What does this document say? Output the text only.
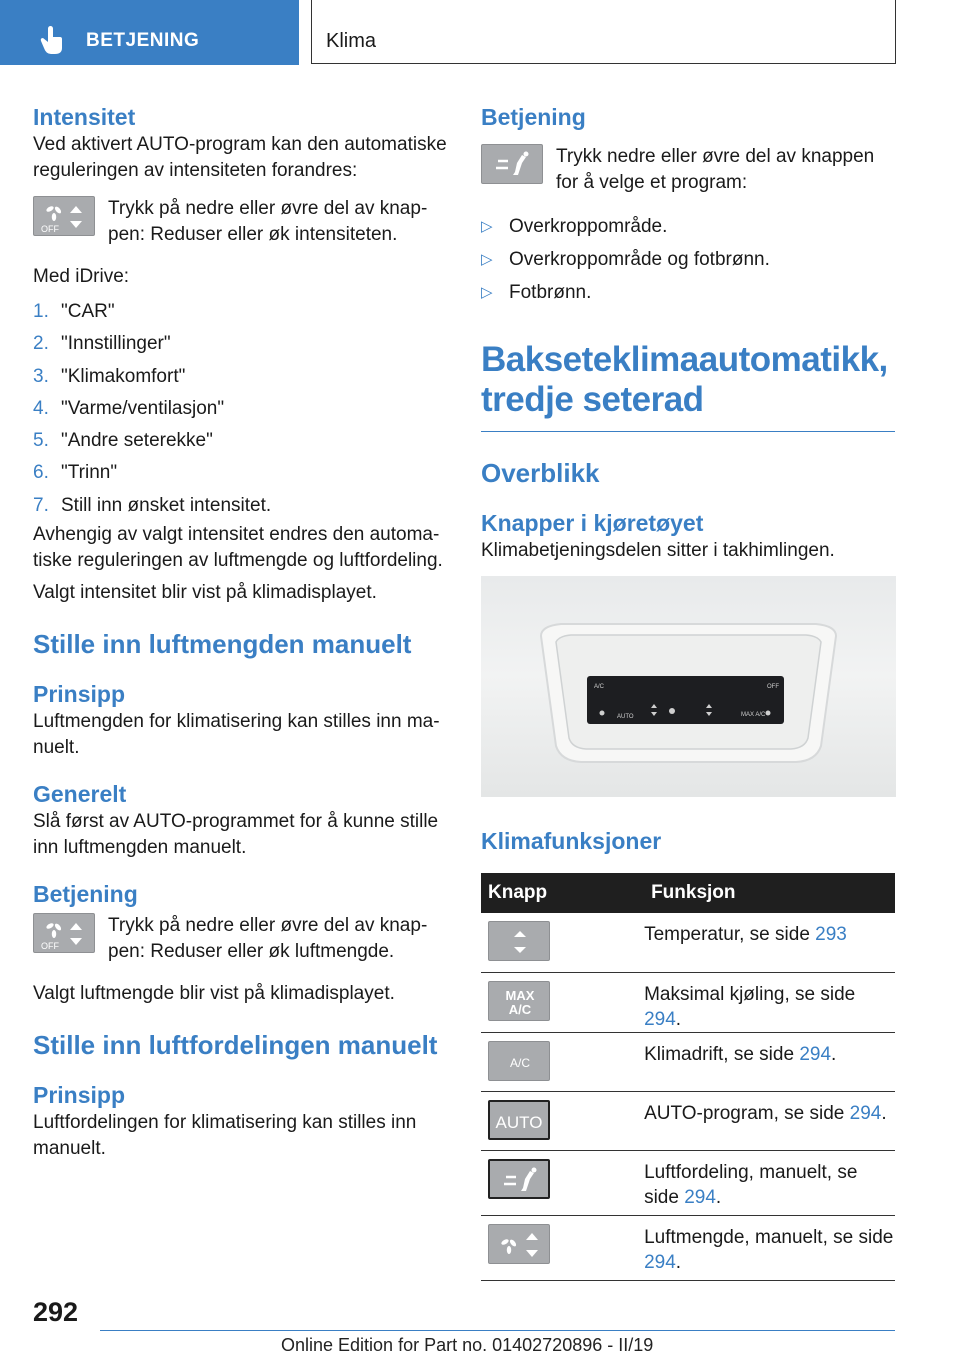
BETJENING	Klima
Intensitet

Ved aktivert AUTO-program kan den automatiske reguleringen av intensiteten forandres:

OFF
Trykk på nedre eller øvre del av knappen: Reduser eller øk intensiteten.

Med iDrive:

1. "CAR"
2. "Innstillinger"
3. "Klimakomfort"
4. "Varme/ventilasjon"
5. "Andre seterekke"
6. "Trinn"
7. Still inn ønsket intensitet.

Avhengig av valgt intensitet endres den automatiske reguleringen av luftmengde og luftfordeling.

Valgt intensitet blir vist på klimadisplayet.

Stille inn luftmengden manuelt
Prinsipp

Luftmengden for klimatisering kan stilles inn manuelt.

Generelt

Slå først av AUTO-programmet for å kunne stille inn luftmengden manuelt.

Betjening
OFF
Trykk på nedre eller øvre del av knappen: Reduser eller øk luftmengde.

Valgt luftmengde blir vist på klimadisplayet.

Stille inn luftfordelingen manuelt
Prinsipp

Luftfordelingen for klimatisering kan stilles inn manuelt.

Betjening
Trykk nedre eller øvre del av knappen for å velge et program:
▷ Overkroppområde.
▷ Overkroppområde og fotbrønn.
▷ Fotbrønn.
Bakseteklimaautomatikk,
tredje seterad
Overblikk
Knapper i kjøretøyet

Klimabetjeningsdelen sitter i takhimlingen.

A/C	OFF
AUTO	MAX A/C
Klimafunksjoner
Knapp	Funksjon

	Temperatur, se side 293

MAX
A/C	Maksimal kjøling, se side 294.

A/C	Klimadrift, se side 294.

AUTO	AUTO-program, se side 294.

	Luftfordeling, manuelt, se side 294.

	Luftmengde, manuelt, se side 294.
292
Online Edition for Part no. 01402720896 - II/19
